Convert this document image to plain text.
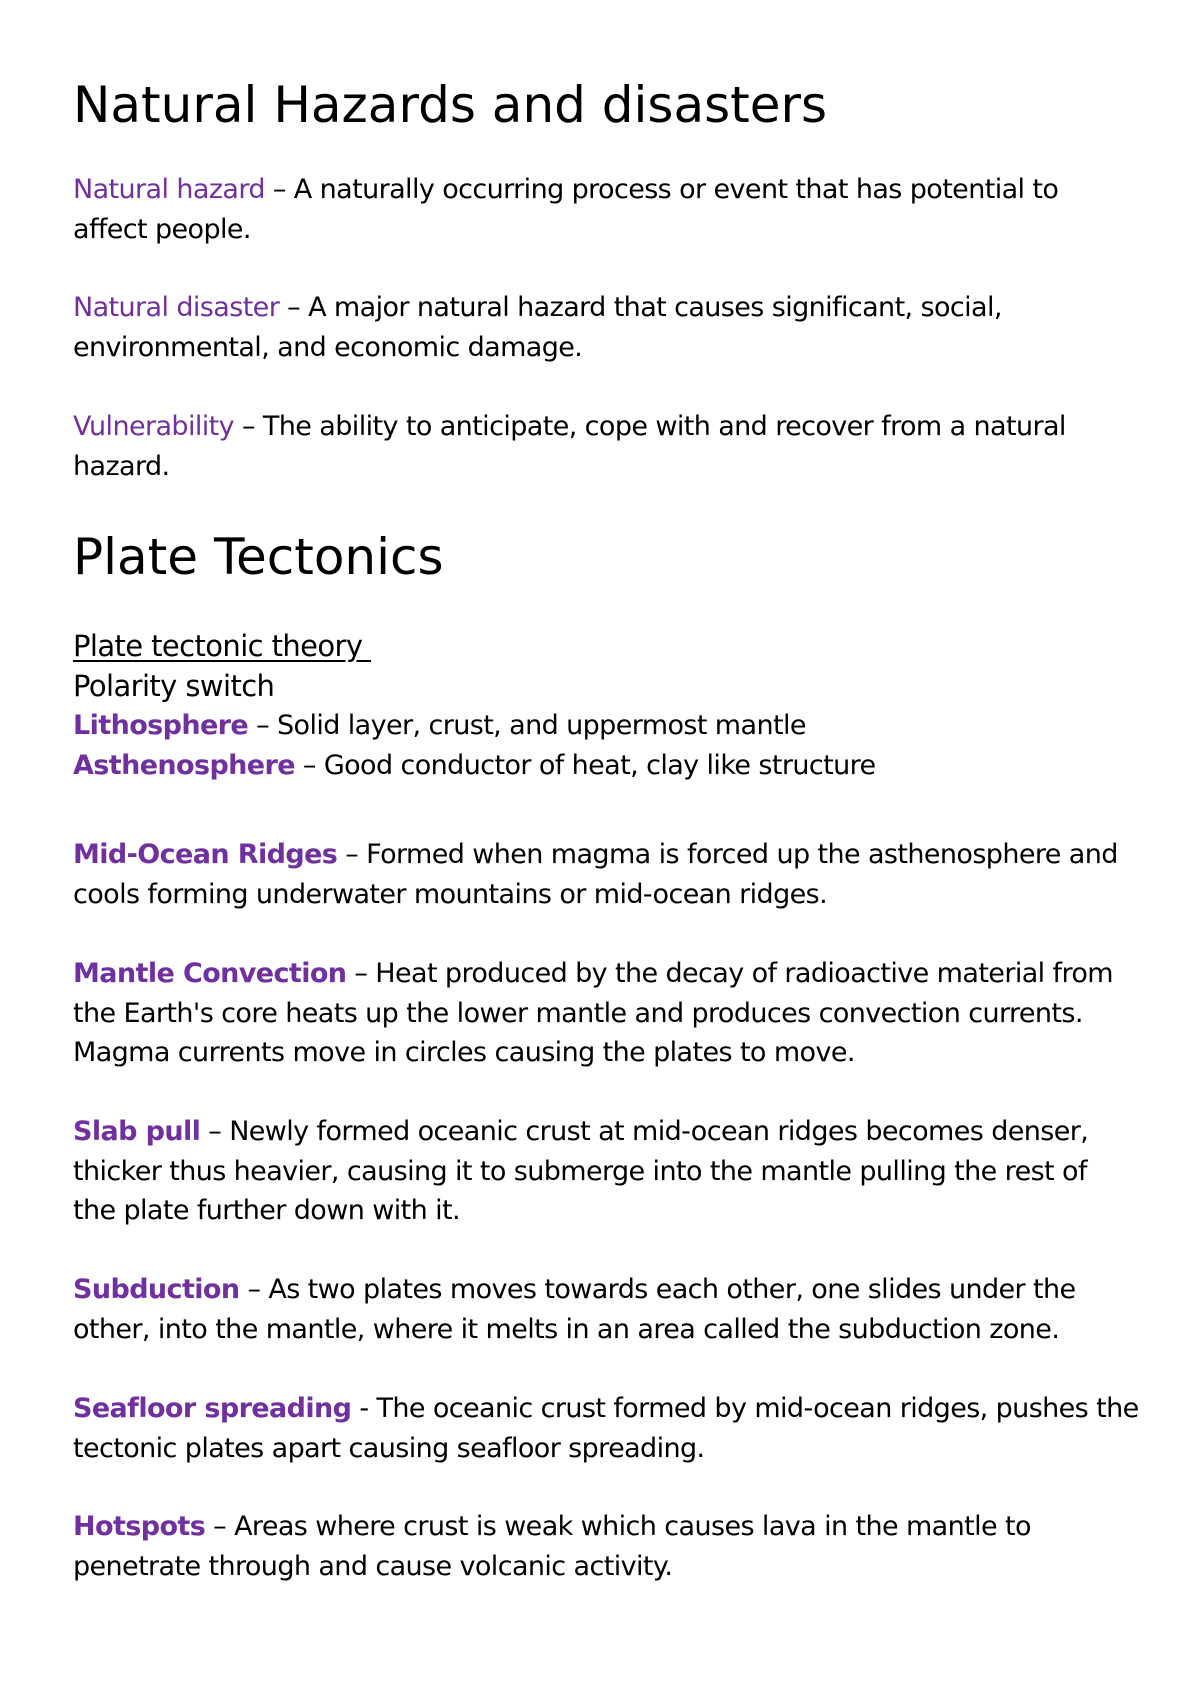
Natural Hazards and disasters
Natural hazard – A naturally occurring process or event that has potential to
affect people.
Natural disaster – A major natural hazard that causes significant, social,
environmental, and economic damage.
Vulnerability – The ability to anticipate, cope with and recover from a natural
hazard.
Plate Tectonics
Plate tectonic theory
Polarity switch
Lithosphere – Solid layer, crust, and uppermost mantle
Asthenosphere – Good conductor of heat, clay like structure
Mid-Ocean Ridges – Formed when magma is forced up the asthenosphere and
cools forming underwater mountains or mid-ocean ridges.
Mantle Convection – Heat produced by the decay of radioactive material from
the Earth's core heats up the lower mantle and produces convection currents.
Magma currents move in circles causing the plates to move.
Slab pull – Newly formed oceanic crust at mid-ocean ridges becomes denser,
thicker thus heavier, causing it to submerge into the mantle pulling the rest of
the plate further down with it.
Subduction – As two plates moves towards each other, one slides under the
other, into the mantle, where it melts in an area called the subduction zone.
Seafloor spreading - The oceanic crust formed by mid-ocean ridges, pushes the
tectonic plates apart causing seafloor spreading.
Hotspots – Areas where crust is weak which causes lava in the mantle to
penetrate through and cause volcanic activity.
